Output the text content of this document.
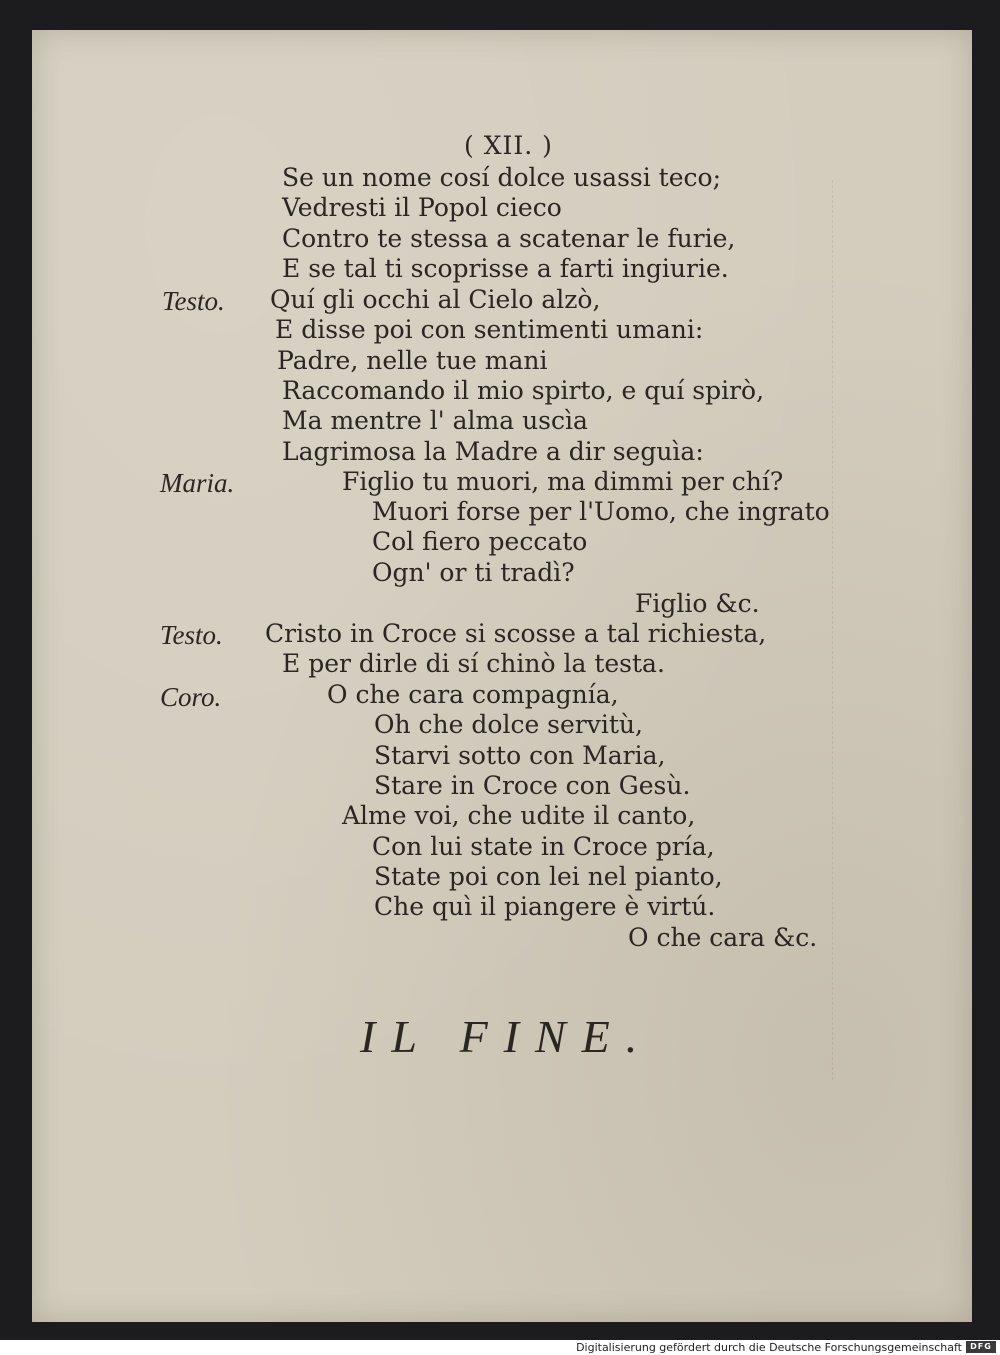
( XII. )
Se un nome cosí dolce usassi teco;
Vedresti il Popol cieco
Contro te stessa a scatenar le furie,
E se tal ti scoprisse a farti ingiurie.
Testo. Quí gli occhi al Cielo alzò,
E disse poi con sentimenti umani:
Padre, nelle tue mani
Raccomando il mio spirto, e quí spirò,
Ma mentre l' alma uscìa
Lagrimosa la Madre a dir seguìa:
Maria.	Figlio tu muori, ma dimmi per chí?
Muori forse per l'Uomo, che ingrato
Col fiero peccato
Ogn' or ti tradì?
Figlio &c.
Testo. Cristo in Croce si scosse a tal richiesta,
E per dirle di sí chinò la testa.
Coro.	O che cara compagnía,
Oh che dolce servitù,
Starvi sotto con Maria,
Stare in Croce con Gesù.
Alme voi, che udite il canto,
Con lui state in Croce pría,
State poi con lei nel pianto,
Che quì il piangere è virtú.
O che cara &c.
IL FINE.
Digitalisierung gefördert durch die Deutsche Forschungsgemeinschaft	DFG
